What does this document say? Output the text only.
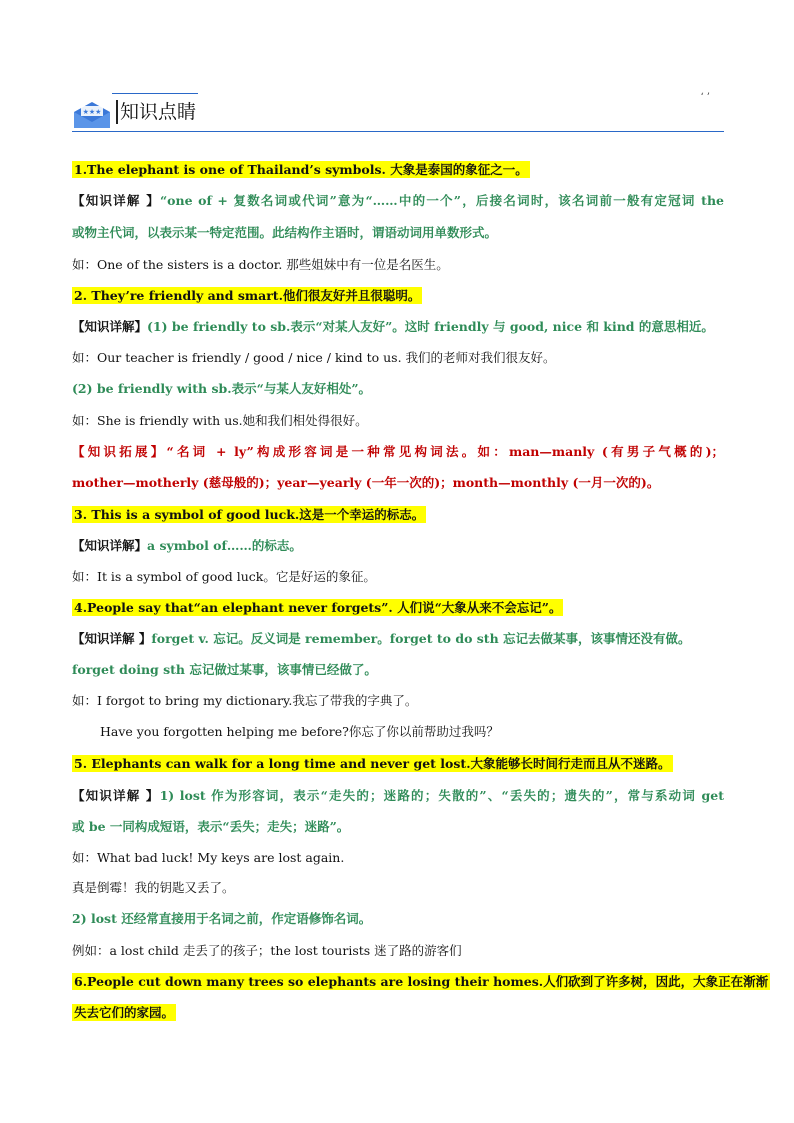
★★★ 知识点睛
‘ ’
1.The elephant is one of Thailand’s symbols. 大象是泰国的象征之一。
【知识详解 】“one of + 复数名词或代词”意为“……中的一个”，后接名词时，该名词前一般有定冠词 the
或物主代词，以表示某一特定范围。此结构作主语时，谓语动词用单数形式。
如：One of the sisters is a doctor. 那些姐妹中有一位是名医生。
2. They’re friendly and smart.他们很友好并且很聪明。
【知识详解】(1) be friendly to sb.表示“对某人友好”。这时 friendly 与 good, nice 和 kind 的意思相近。
如：Our teacher is friendly / good / nice / kind to us. 我们的老师对我们很友好。
(2) be friendly with sb.表示“与某人友好相处”。
如：She is friendly with us.她和我们相处得很好。
【知识拓展】“名词 + ly”构成形容词是一种常见构词法。如：man—manly (有男子气概的)；
mother—motherly (慈母般的)；year—yearly (一年一次的)；month—monthly (一月一次的)。
3. This is a symbol of good luck.这是一个幸运的标志。
【知识详解】a symbol of……的标志。
如：It is a symbol of good luck。它是好运的象征。
4.People say that“an elephant never forgets”. 人们说“大象从来不会忘记”。
【知识详解 】forget v. 忘记。反义词是 remember。forget to do sth 忘记去做某事，该事情还没有做。
forget doing sth 忘记做过某事，该事情已经做了。
如：I forgot to bring my dictionary.我忘了带我的字典了。
Have you forgotten helping me before?你忘了你以前帮助过我吗？
5. Elephants can walk for a long time and never get lost.大象能够长时间行走而且从不迷路。
【知识详解 】1) lost 作为形容词，表示“走失的；迷路的；失散的”、“丢失的；遗失的”，常与系动词 get
或 be 一同构成短语，表示“丢失；走失；迷路”。
如：What bad luck! My keys are lost again.
真是倒霉！我的钥匙又丢了。
2) lost 还经常直接用于名词之前，作定语修饰名词。
例如：a lost child 走丢了的孩子；the lost tourists 迷了路的游客们
6.People cut down many trees so elephants are losing their homes.人们砍到了许多树，因此，大象正在渐渐
失去它们的家园。
